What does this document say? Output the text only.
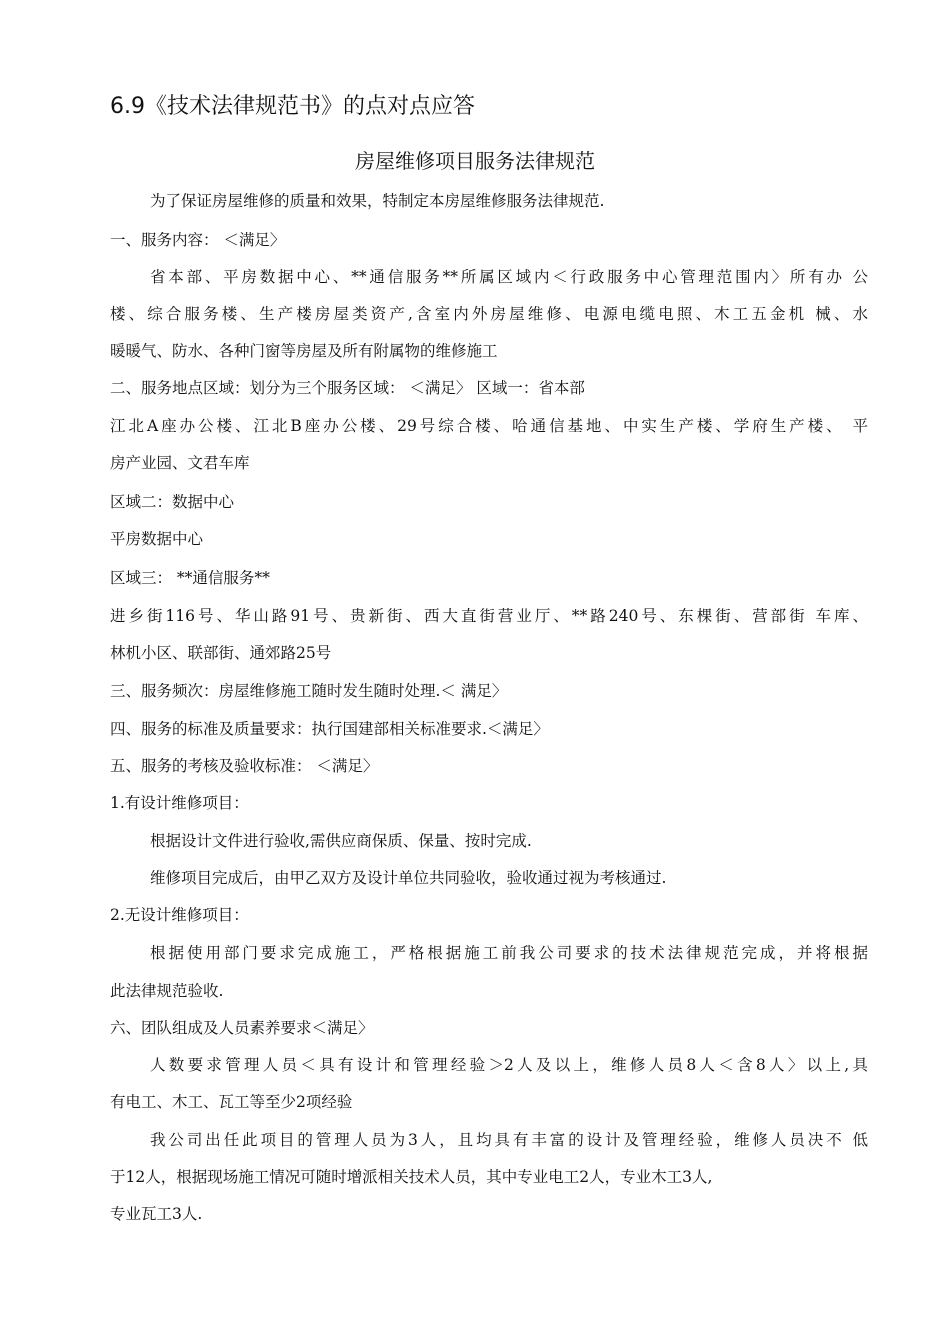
6.9《技术法律规范书》的点对点应答
房屋维修项目服务法律规范
为了保证房屋维修的质量和效果，特制定本房屋维修服务法律规范.
一、服务内容： ＜满足〉
省本部、平房数据中心、**通信服务**所属区域内＜行政服务中心管理范围内〉所有办 公
楼、综合服务楼、生产楼房屋类资产,含室内外房屋维修、电源电缆电照、木工五金机 械、水
暖暖气、防水、各种门窗等房屋及所有附属物的维修施工
二、服务地点区域：划分为三个服务区域： ＜满足〉 区域一：省本部
江北A座办公楼、江北B座办公楼、29号综合楼、哈通信基地、中实生产楼、学府生产楼、 平
房产业园、文君车库
区域二：数据中心
平房数据中心
区域三： **通信服务**
进乡街116号、华山路91号、贵新街、西大直街营业厅、**路240号、东棵街、营部街 车库、
林机小区、联部街、通郊路25号
三、服务频次：房屋维修施工随时发生随时处理.＜ 满足〉
四、服务的标准及质量要求：执行国建部相关标准要求.＜满足〉
五、服务的考核及验收标准： ＜满足〉
1.有设计维修项目：
根据设计文件进行验收,需供应商保质、保量、按时完成.
维修项目完成后，由甲乙双方及设计单位共同验收，验收通过视为考核通过.
2.无设计维修项目：
根据使用部门要求完成施工，严格根据施工前我公司要求的技术法律规范完成，并将根据
此法律规范验收.
六、团队组成及人员素养要求＜满足〉
人数要求管理人员＜具有设计和管理经验＞2人及以上，维修人员8人＜含8人〉以上,具
有电工、木工、瓦工等至少2项经验
我公司出任此项目的管理人员为3人，且均具有丰富的设计及管理经验，维修人员决不 低
于12人，根据现场施工情况可随时增派相关技术人员，其中专业电工2人，专业木工3人,
专业瓦工3人.
